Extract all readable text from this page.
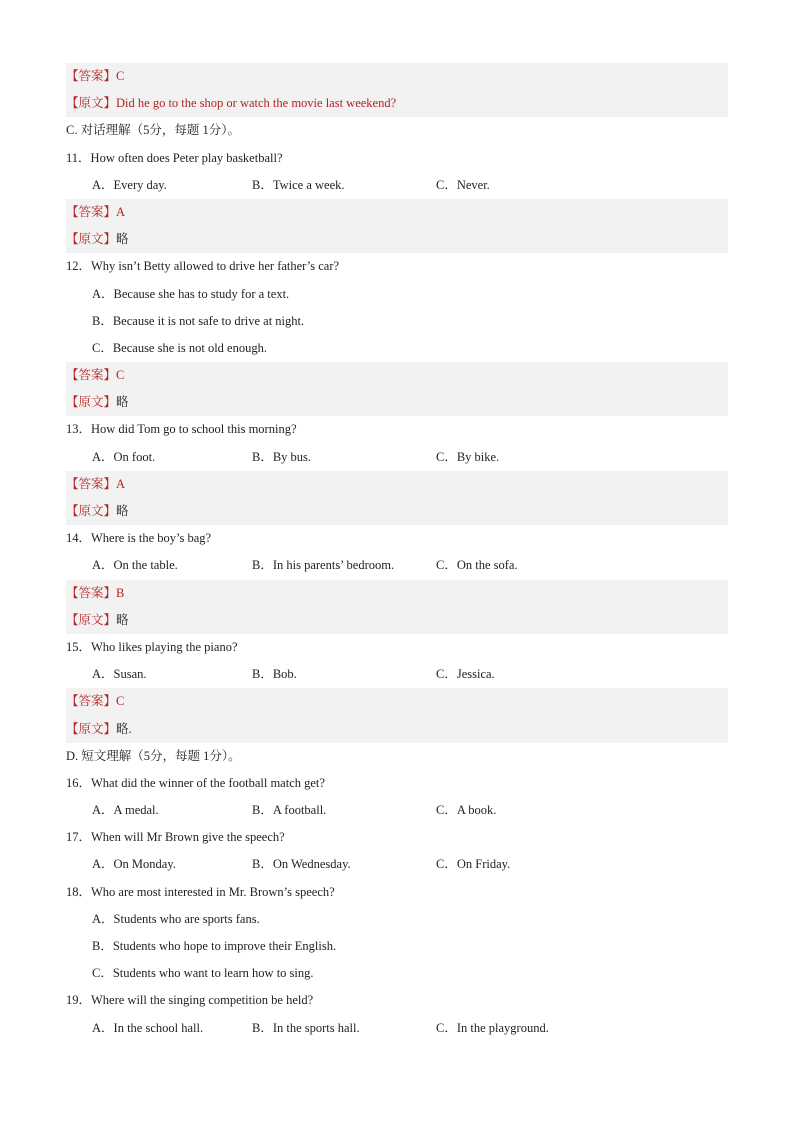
【答案】C
【原文】Did he go to the shop or watch the movie last weekend?
C. 对话理解（5分，每题 1分）。
11．How often does Peter play basketball?
A．Every day.	B．Twice a week.	C．Never.
【答案】A
【原文】略
12．Why isn’t Betty allowed to drive her father’s car?
A．Because she has to study for a text.
B．Because it is not safe to drive at night.
C．Because she is not old enough.
【答案】C
【原文】略
13．How did Tom go to school this morning?
A．On foot.	B．By bus.	C．By bike.
【答案】A
【原文】略
14．Where is the boy’s bag?
A．On the table.	B．In his parents’ bedroom.	C．On the sofa.
【答案】B
【原文】略
15．Who likes playing the piano?
A．Susan.	B．Bob.	C．Jessica.
【答案】C
【原文】略.
D. 短文理解（5分，每题 1分）。
16．What did the winner of the football match get?
A．A medal.	B．A football.	C．A book.
17．When will Mr Brown give the speech?
A．On Monday.	B．On Wednesday.	C．On Friday.
18．Who are most interested in Mr. Brown’s speech?
A．Students who are sports fans.
B．Students who hope to improve their English.
C．Students who want to learn how to sing.
19．Where will the singing competition be held?
A．In the school hall.	B．In the sports hall.	C．In the playground.
